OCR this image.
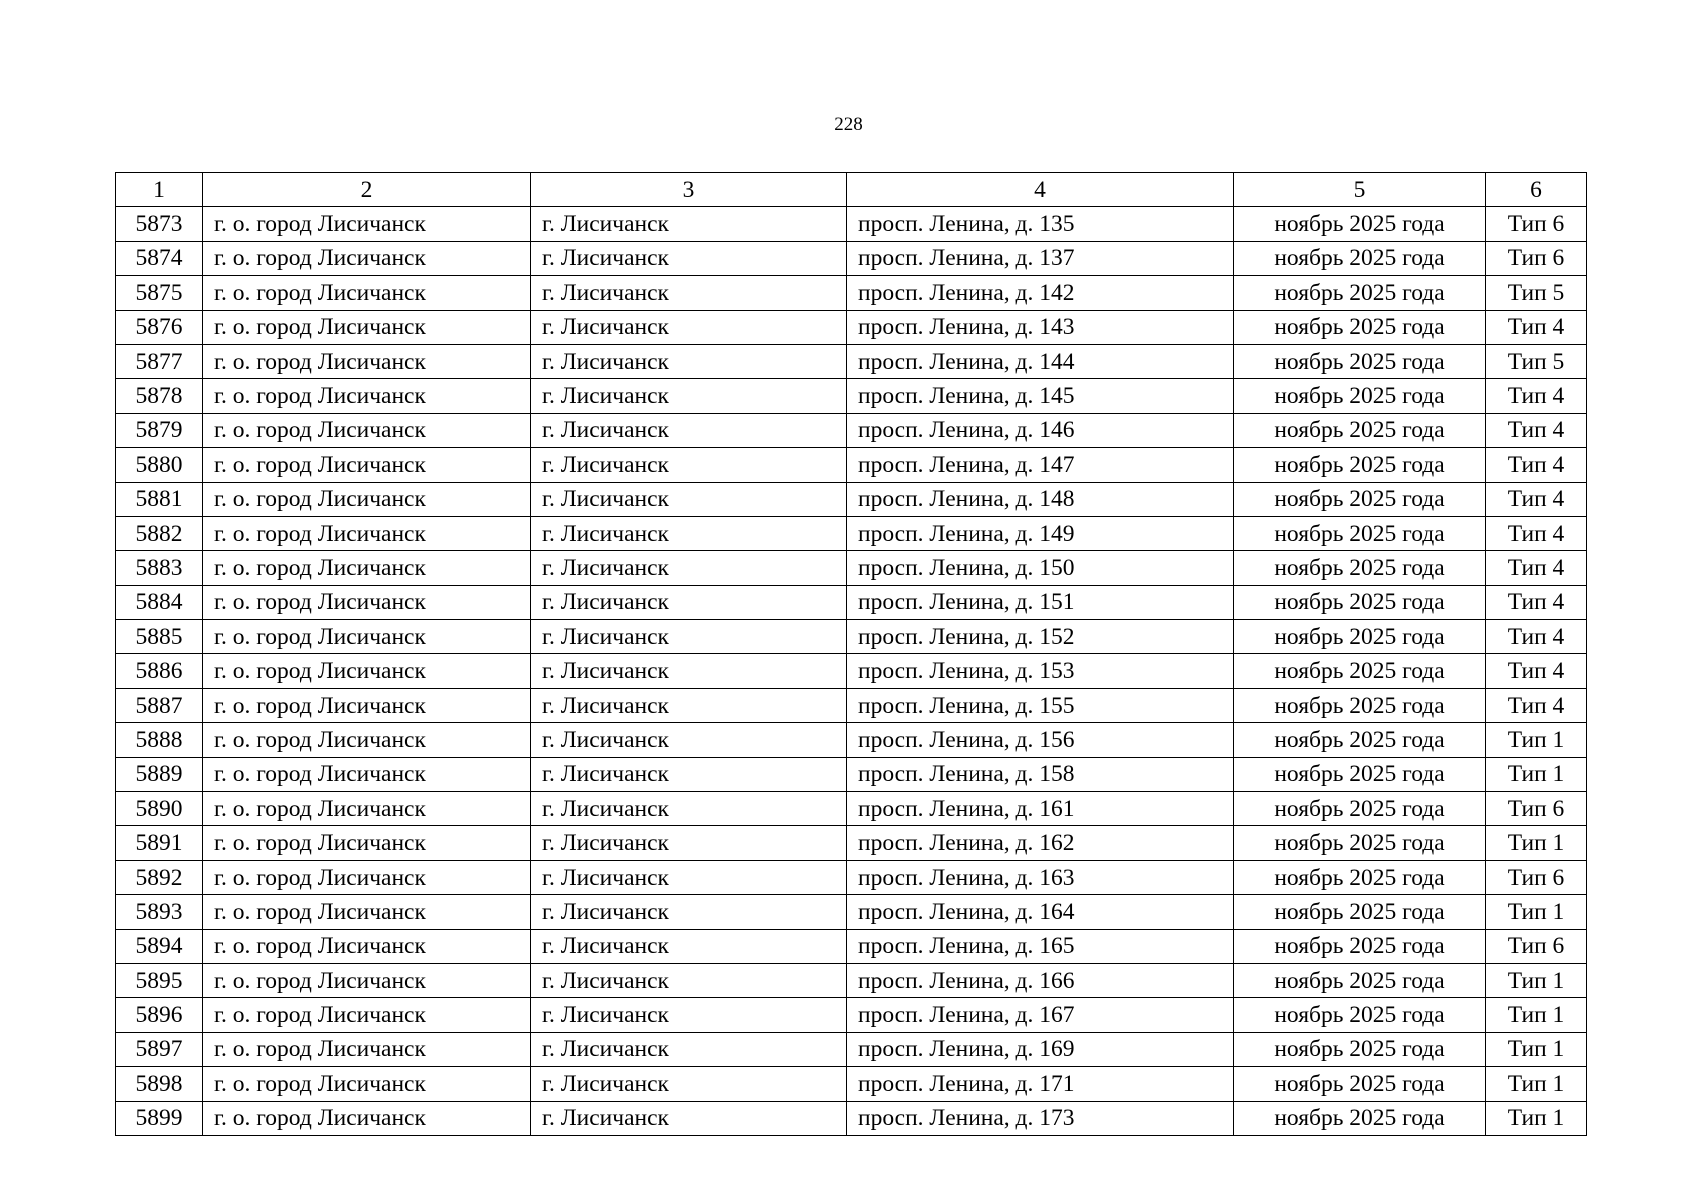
228
1	2	3	4	5	6
5873	г. о. город Лисичанск	г. Лисичанск	просп. Ленина, д. 135	ноябрь 2025 года	Тип 6
5874	г. о. город Лисичанск	г. Лисичанск	просп. Ленина, д. 137	ноябрь 2025 года	Тип 6
5875	г. о. город Лисичанск	г. Лисичанск	просп. Ленина, д. 142	ноябрь 2025 года	Тип 5
5876	г. о. город Лисичанск	г. Лисичанск	просп. Ленина, д. 143	ноябрь 2025 года	Тип 4
5877	г. о. город Лисичанск	г. Лисичанск	просп. Ленина, д. 144	ноябрь 2025 года	Тип 5
5878	г. о. город Лисичанск	г. Лисичанск	просп. Ленина, д. 145	ноябрь 2025 года	Тип 4
5879	г. о. город Лисичанск	г. Лисичанск	просп. Ленина, д. 146	ноябрь 2025 года	Тип 4
5880	г. о. город Лисичанск	г. Лисичанск	просп. Ленина, д. 147	ноябрь 2025 года	Тип 4
5881	г. о. город Лисичанск	г. Лисичанск	просп. Ленина, д. 148	ноябрь 2025 года	Тип 4
5882	г. о. город Лисичанск	г. Лисичанск	просп. Ленина, д. 149	ноябрь 2025 года	Тип 4
5883	г. о. город Лисичанск	г. Лисичанск	просп. Ленина, д. 150	ноябрь 2025 года	Тип 4
5884	г. о. город Лисичанск	г. Лисичанск	просп. Ленина, д. 151	ноябрь 2025 года	Тип 4
5885	г. о. город Лисичанск	г. Лисичанск	просп. Ленина, д. 152	ноябрь 2025 года	Тип 4
5886	г. о. город Лисичанск	г. Лисичанск	просп. Ленина, д. 153	ноябрь 2025 года	Тип 4
5887	г. о. город Лисичанск	г. Лисичанск	просп. Ленина, д. 155	ноябрь 2025 года	Тип 4
5888	г. о. город Лисичанск	г. Лисичанск	просп. Ленина, д. 156	ноябрь 2025 года	Тип 1
5889	г. о. город Лисичанск	г. Лисичанск	просп. Ленина, д. 158	ноябрь 2025 года	Тип 1
5890	г. о. город Лисичанск	г. Лисичанск	просп. Ленина, д. 161	ноябрь 2025 года	Тип 6
5891	г. о. город Лисичанск	г. Лисичанск	просп. Ленина, д. 162	ноябрь 2025 года	Тип 1
5892	г. о. город Лисичанск	г. Лисичанск	просп. Ленина, д. 163	ноябрь 2025 года	Тип 6
5893	г. о. город Лисичанск	г. Лисичанск	просп. Ленина, д. 164	ноябрь 2025 года	Тип 1
5894	г. о. город Лисичанск	г. Лисичанск	просп. Ленина, д. 165	ноябрь 2025 года	Тип 6
5895	г. о. город Лисичанск	г. Лисичанск	просп. Ленина, д. 166	ноябрь 2025 года	Тип 1
5896	г. о. город Лисичанск	г. Лисичанск	просп. Ленина, д. 167	ноябрь 2025 года	Тип 1
5897	г. о. город Лисичанск	г. Лисичанск	просп. Ленина, д. 169	ноябрь 2025 года	Тип 1
5898	г. о. город Лисичанск	г. Лисичанск	просп. Ленина, д. 171	ноябрь 2025 года	Тип 1
5899	г. о. город Лисичанск	г. Лисичанск	просп. Ленина, д. 173	ноябрь 2025 года	Тип 1
